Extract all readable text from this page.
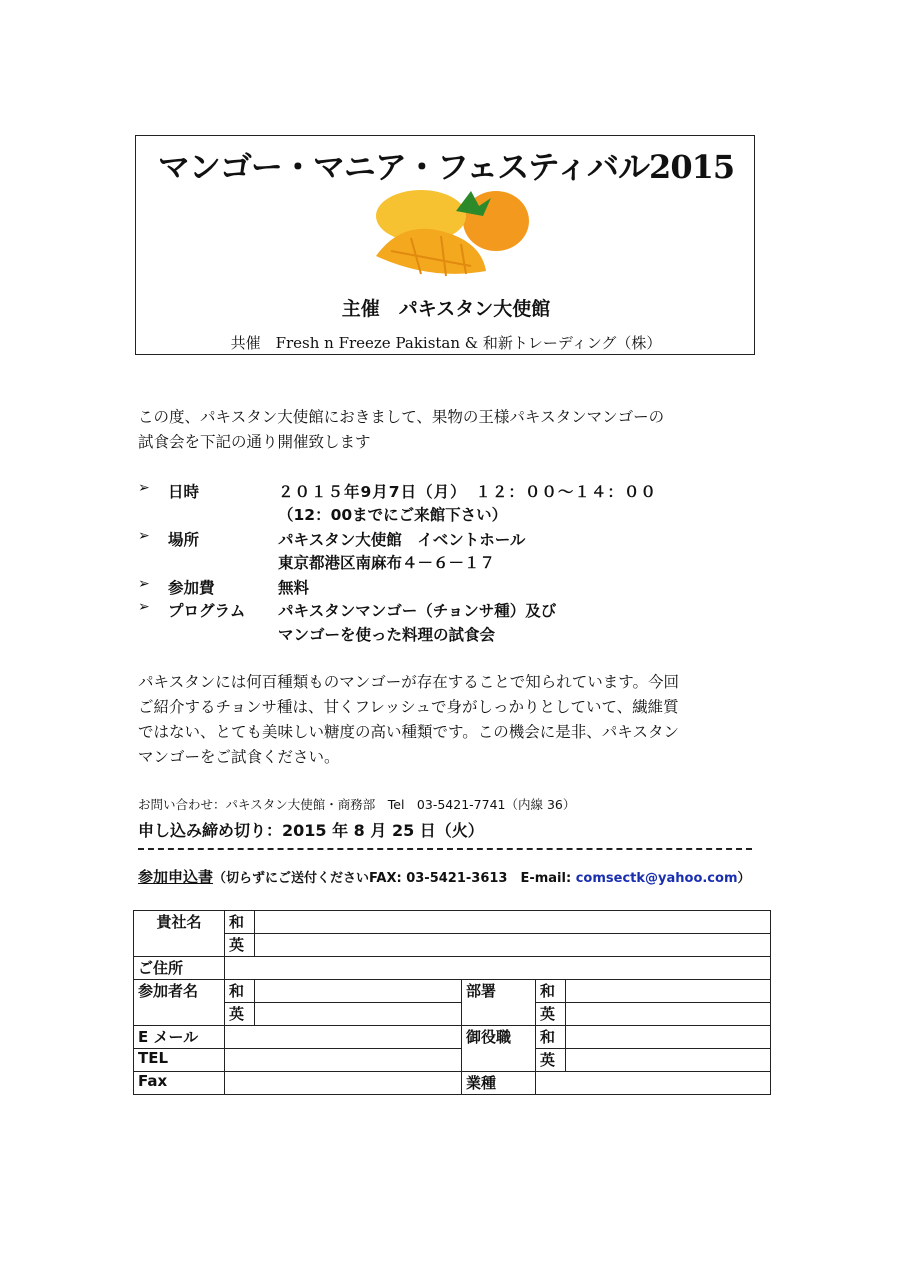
マンゴー・マニア・フェスティバル2015
主催　パキスタン大使館
共催　Fresh n Freeze Pakistan & 和新トレーディング（株）
この度、パキスタン大使館におきまして、果物の王様パキスタンマンゴーの
試食会を下記の通り開催致します
➢ 日時	２０１５年9月7日（月）　１２：００～１４：００
（12：00までにご来館下さい）
➢ 場所	パキスタン大使館　イベントホール
東京都港区南麻布４－６－１７
➢ 参加費	無料
➢ プログラム パキスタンマンゴー（チョンサ種）及び
マンゴーを使った料理の試食会
パキスタンには何百種類ものマンゴーが存在することで知られています。今回
ご紹介するチョンサ種は、甘くフレッシュで身がしっかりとしていて、繊維質
ではない、とても美味しい糖度の高い種類です。この機会に是非、パキスタン
マンゴーをご試食ください。
お問い合わせ：パキスタン大使館・商務部　Tel　03-5421-7741（内線 36）
申し込み締め切り：2015 年 8 月 25 日（火）
参加申込書（切らずにご送付くださいFAX: 03-5421-3613　E-mail: comsectk@yahoo.com）
貴社名	和				
	英				
ご住所					
参加者名	和		部署	和	
	英			英	
E メール			御役職	和	
TEL				英	
Fax			業種		
